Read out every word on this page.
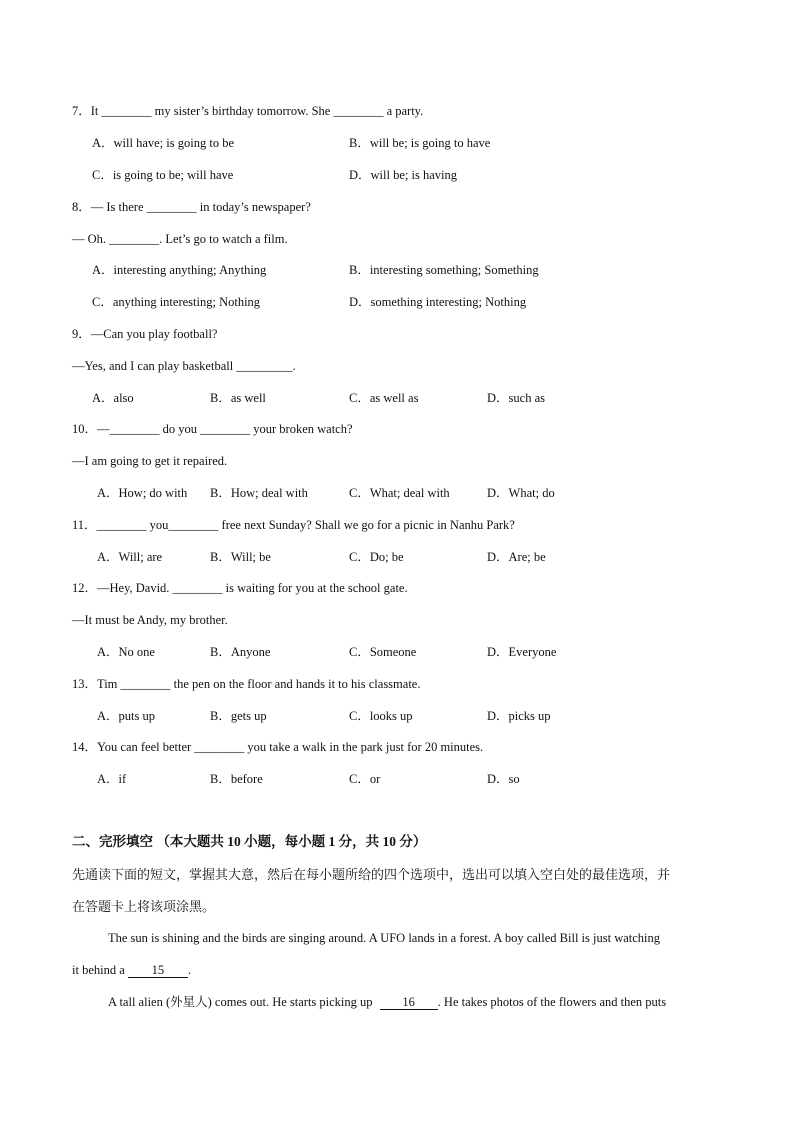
7．It ________ my sister’s birthday tomorrow. She ________ a party.
A．will have; is going to be	B．will be; is going to have
C．is going to be; will have	D．will be; is having
8．— Is there ________ in today’s newspaper?
— Oh. ________. Let’s go to watch a film.
A．interesting anything; Anything	B．interesting something; Something
C．anything interesting; Nothing	D．something interesting; Nothing
9．—Can you play football?
—Yes, and I can play basketball _________.
A．also	B．as well	C．as well as	D．such as
10．—________ do you ________ your broken watch?
—I am going to get it repaired.
A．How; do with B．How; deal with	C．What; deal with	D．What; do
11．________ you________ free next Sunday? Shall we go for a picnic in Nanhu Park?
A．Will; are	B．Will; be	C．Do; be	D．Are; be
12．—Hey, David. ________ is waiting for you at the school gate.
—It must be Andy, my brother.
A．No one	B．Anyone	C．Someone	D．Everyone
13．Tim ________ the pen on the floor and hands it to his classmate.
A．puts up	B．gets up	C．looks up	D．picks up
14．You can feel better ________ you take a walk in the park just for 20 minutes.
A．if	B．before	C．or	D．so
二、完形填空 （本大题共 10 小题，每小题 1 分，共 10 分）
先通读下面的短文，掌握其大意，然后在每小题所给的四个选项中，选出可以填入空白处的最佳选项，并
在答题卡上将该项涂黑。
The sun is shining and the birds are singing around. A UFO lands in a forest. A boy called Bill is just watching
it behind a 15 .
A tall alien (外星人) comes out. He starts picking up 16 . He takes photos of the flowers and then puts
